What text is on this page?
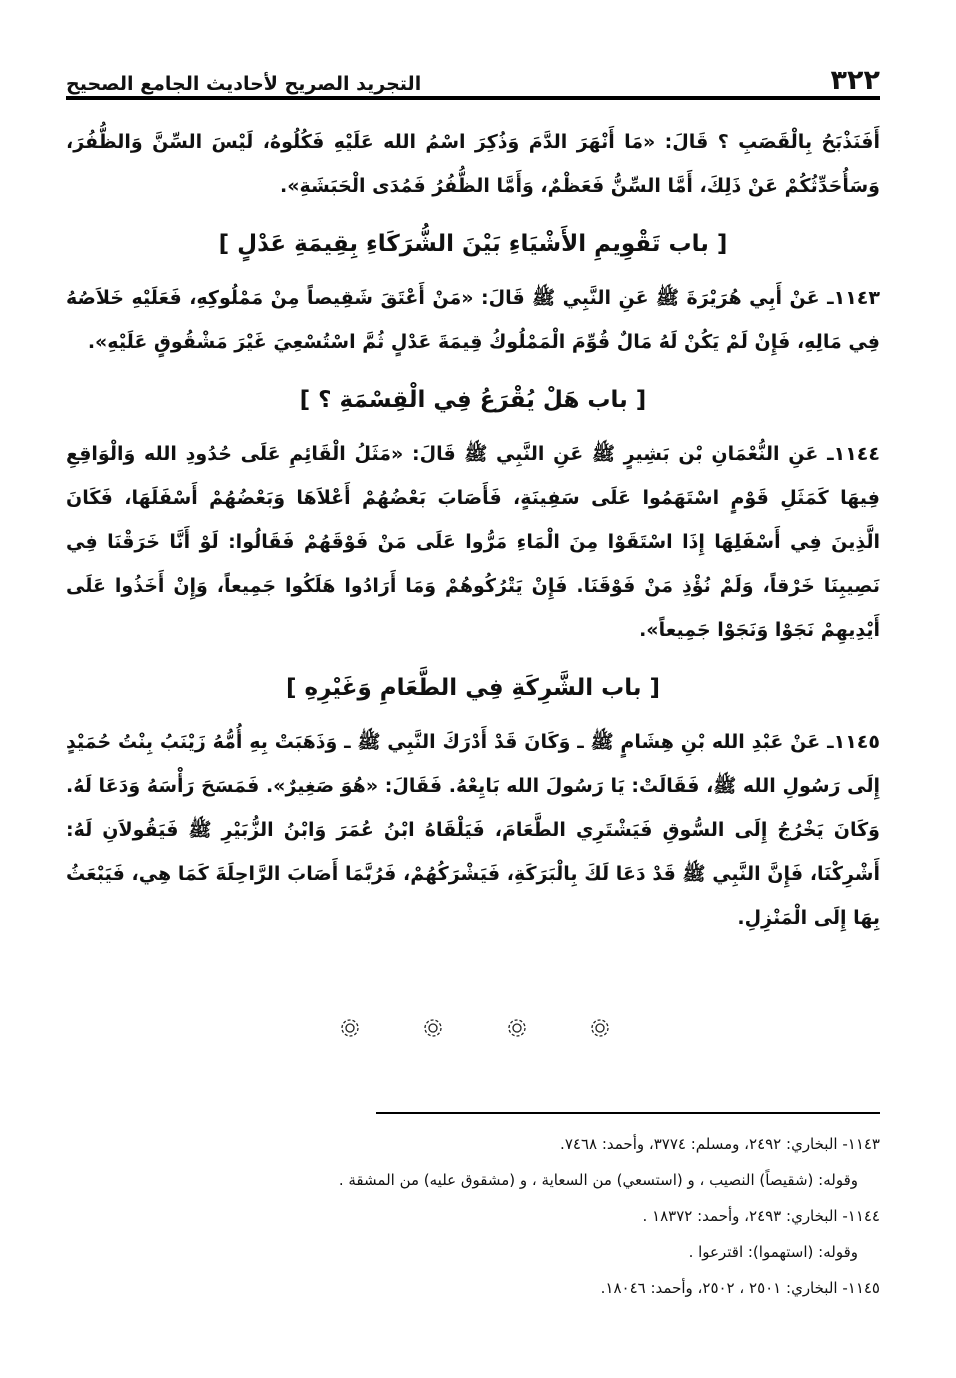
٣٢٢
التجريد الصريح لأحاديث الجامع الصحيح

أَفَنَذْبَحُ بِالْقَصَبِ ؟ قَالَ: «مَا أَنْهَرَ الدَّمَ وَذُكِرَ اسْمُ الله عَلَيْهِ فَكُلُوهُ، لَيْسَ السِّنَّ وَالظُّفُرَ، وَسَأُحَدِّثُكُمْ عَنْ ذَلِكَ، أَمَّا السِّنُّ فَعَظْمٌ، وَأَمَّا الظُّفُرُ فَمُدَى الْحَبَشَةِ».

[ باب تَقْوِيمِ الأَشْيَاءِ بَيْنَ الشُّرَكَاءِ بِقِيمَةِ عَدْلٍ ]

١١٤٣ـ عَنْ أَبِي هُرَيْرَةَ ﷺ عَنِ النَّبِي ﷺ قَالَ: «مَنْ أَعْتَقَ شَقِيصاً مِنْ مَمْلُوكِهِ، فَعَلَيْهِ خَلاَصُهُ فِي مَالِهِ، فَإِنْ لَمْ يَكُنْ لَهُ مَالٌ قُوِّمَ الْمَمْلُوكُ قِيمَةَ عَدْلٍ ثُمَّ اسْتُسْعِيَ غَيْرَ مَشْقُوقٍ عَلَيْهِ».

[ باب هَلْ يُقْرَعُ فِي الْقِسْمَةِ ؟ ]

١١٤٤ـ عَنِ النُّعْمَانِ بْن بَشِيرٍ ﷺ عَنِ النَّبِي ﷺ قَالَ: «مَثَلُ الْقَائِمِ عَلَى حُدُودِ الله وَالْوَاقِعِ فِيهَا كَمَثَلِ قَوْمٍ اسْتَهَمُوا عَلَى سَفِينَةٍ، فَأَصَابَ بَعْضُهُمْ أَعْلاَهَا وَبَعْضُهُمْ أَسْفَلَهَا، فَكَانَ الَّذِينَ فِي أَسْفَلِهَا إِذَا اسْتَقَوْا مِنَ الْمَاءِ مَرُّوا عَلَى مَنْ فَوْقَهُمْ فَقَالُوا: لَوْ أَنَّا خَرَقْنَا فِي نَصِيبِنَا خَرْقاً، وَلَمْ نُؤْذِ مَنْ فَوْقَنَا. فَإِنْ يَتْرُكُوهُمْ وَمَا أَرَادُوا هَلَكُوا جَمِيعاً، وَإِنْ أَخَذُوا عَلَى أَيْدِيهِمْ نَجَوْا وَنَجَوْا جَمِيعاً».

[ باب الشَّرِكَةِ فِي الطَّعَامِ وَغَيْرِهِ ]

١١٤٥ـ عَنْ عَبْدِ الله بْنِ هِشَامٍ ﷺ ـ وَكَانَ قَدْ أَدْرَكَ النَّبِي ﷺ ـ وَذَهَبَتْ بِهِ أُمُّهُ زَيْنَبُ بِنْتُ حُمَيْدٍ إِلَى رَسُولِ الله ﷺ، فَقَالَتْ: يَا رَسُولَ الله بَايِعْهُ. فَقَالَ: «هُوَ صَغِيرٌ». فَمَسَحَ رَأْسَهُ وَدَعَا لَهُ. وَكَانَ يَخْرُجُ إِلَى السُّوقِ فَيَشْتَرِي الطَّعَامَ، فَيَلْقَاهُ ابْنُ عُمَرَ وَابْنُ الزُّبَيْرِ ﷺ فَيَقُولاَنِ لَهُ: أَشْرِكْنَا، فَإِنَّ النَّبِي ﷺ قَدْ دَعَا لَكَ بِالْبَرَكَةِ، فَيَشْرَكُهُمْ، فَرُبَّمَا أَصَابَ الرَّاحِلَةَ كَمَا هِي، فَيَبْعَثُ بِهَا إِلَى الْمَنْزِلِ.

١١٤٣- البخاري: ٢٤٩٢، ومسلم: ٣٧٧٤، وأحمد: ٧٤٦٨.

وقوله: (شقيصاً) النصيب ، و (استسعي) من السعاية ، و (مشقوق عليه) من المشقة .

١١٤٤- البخاري: ٢٤٩٣، وأحمد: ١٨٣٧٢ .

وقوله: (استهموا): اقترعوا .

١١٤٥- البخاري: ٢٥٠١ ، ٢٥٠٢، وأحمد: ١٨٠٤٦.
